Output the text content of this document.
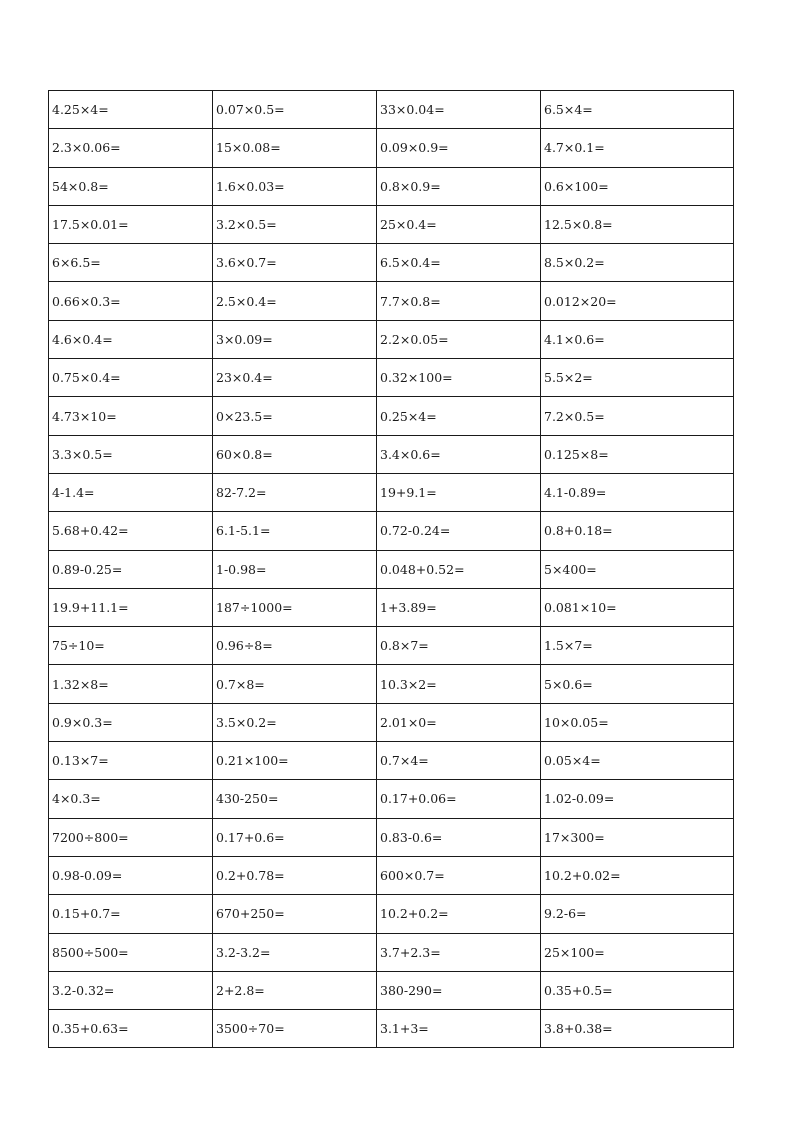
4.25×4=	0.07×0.5=	33×0.04=	6.5×4=
2.3×0.06=	15×0.08=	0.09×0.9=	4.7×0.1=
54×0.8=	1.6×0.03=	0.8×0.9=	0.6×100=
17.5×0.01=	3.2×0.5=	25×0.4=	12.5×0.8=
6×6.5=	3.6×0.7=	6.5×0.4=	8.5×0.2=
0.66×0.3=	2.5×0.4=	7.7×0.8=	0.012×20=
4.6×0.4=	3×0.09=	2.2×0.05=	4.1×0.6=
0.75×0.4=	23×0.4=	0.32×100=	5.5×2=
4.73×10=	0×23.5=	0.25×4=	7.2×0.5=
3.3×0.5=	60×0.8=	3.4×0.6=	0.125×8=
4-1.4=	82-7.2=	19+9.1=	4.1-0.89=
5.68+0.42=	6.1-5.1=	0.72-0.24=	0.8+0.18=
0.89-0.25=	1-0.98=	0.048+0.52=	5×400=
19.9+11.1=	187÷1000=	1+3.89=	0.081×10=
75÷10=	0.96÷8=	0.8×7=	1.5×7=
1.32×8=	0.7×8=	10.3×2=	5×0.6=
0.9×0.3=	3.5×0.2=	2.01×0=	10×0.05=
0.13×7=	0.21×100=	0.7×4=	0.05×4=
4×0.3=	430-250=	0.17+0.06=	1.02-0.09=
7200÷800=	0.17+0.6=	0.83-0.6=	17×300=
0.98-0.09=	0.2+0.78=	600×0.7=	10.2+0.02=
0.15+0.7=	670+250=	10.2+0.2=	9.2-6=
8500÷500=	3.2-3.2=	3.7+2.3=	25×100=
3.2-0.32=	2+2.8=	380-290=	0.35+0.5=
0.35+0.63=	3500÷70=	3.1+3=	3.8+0.38=
